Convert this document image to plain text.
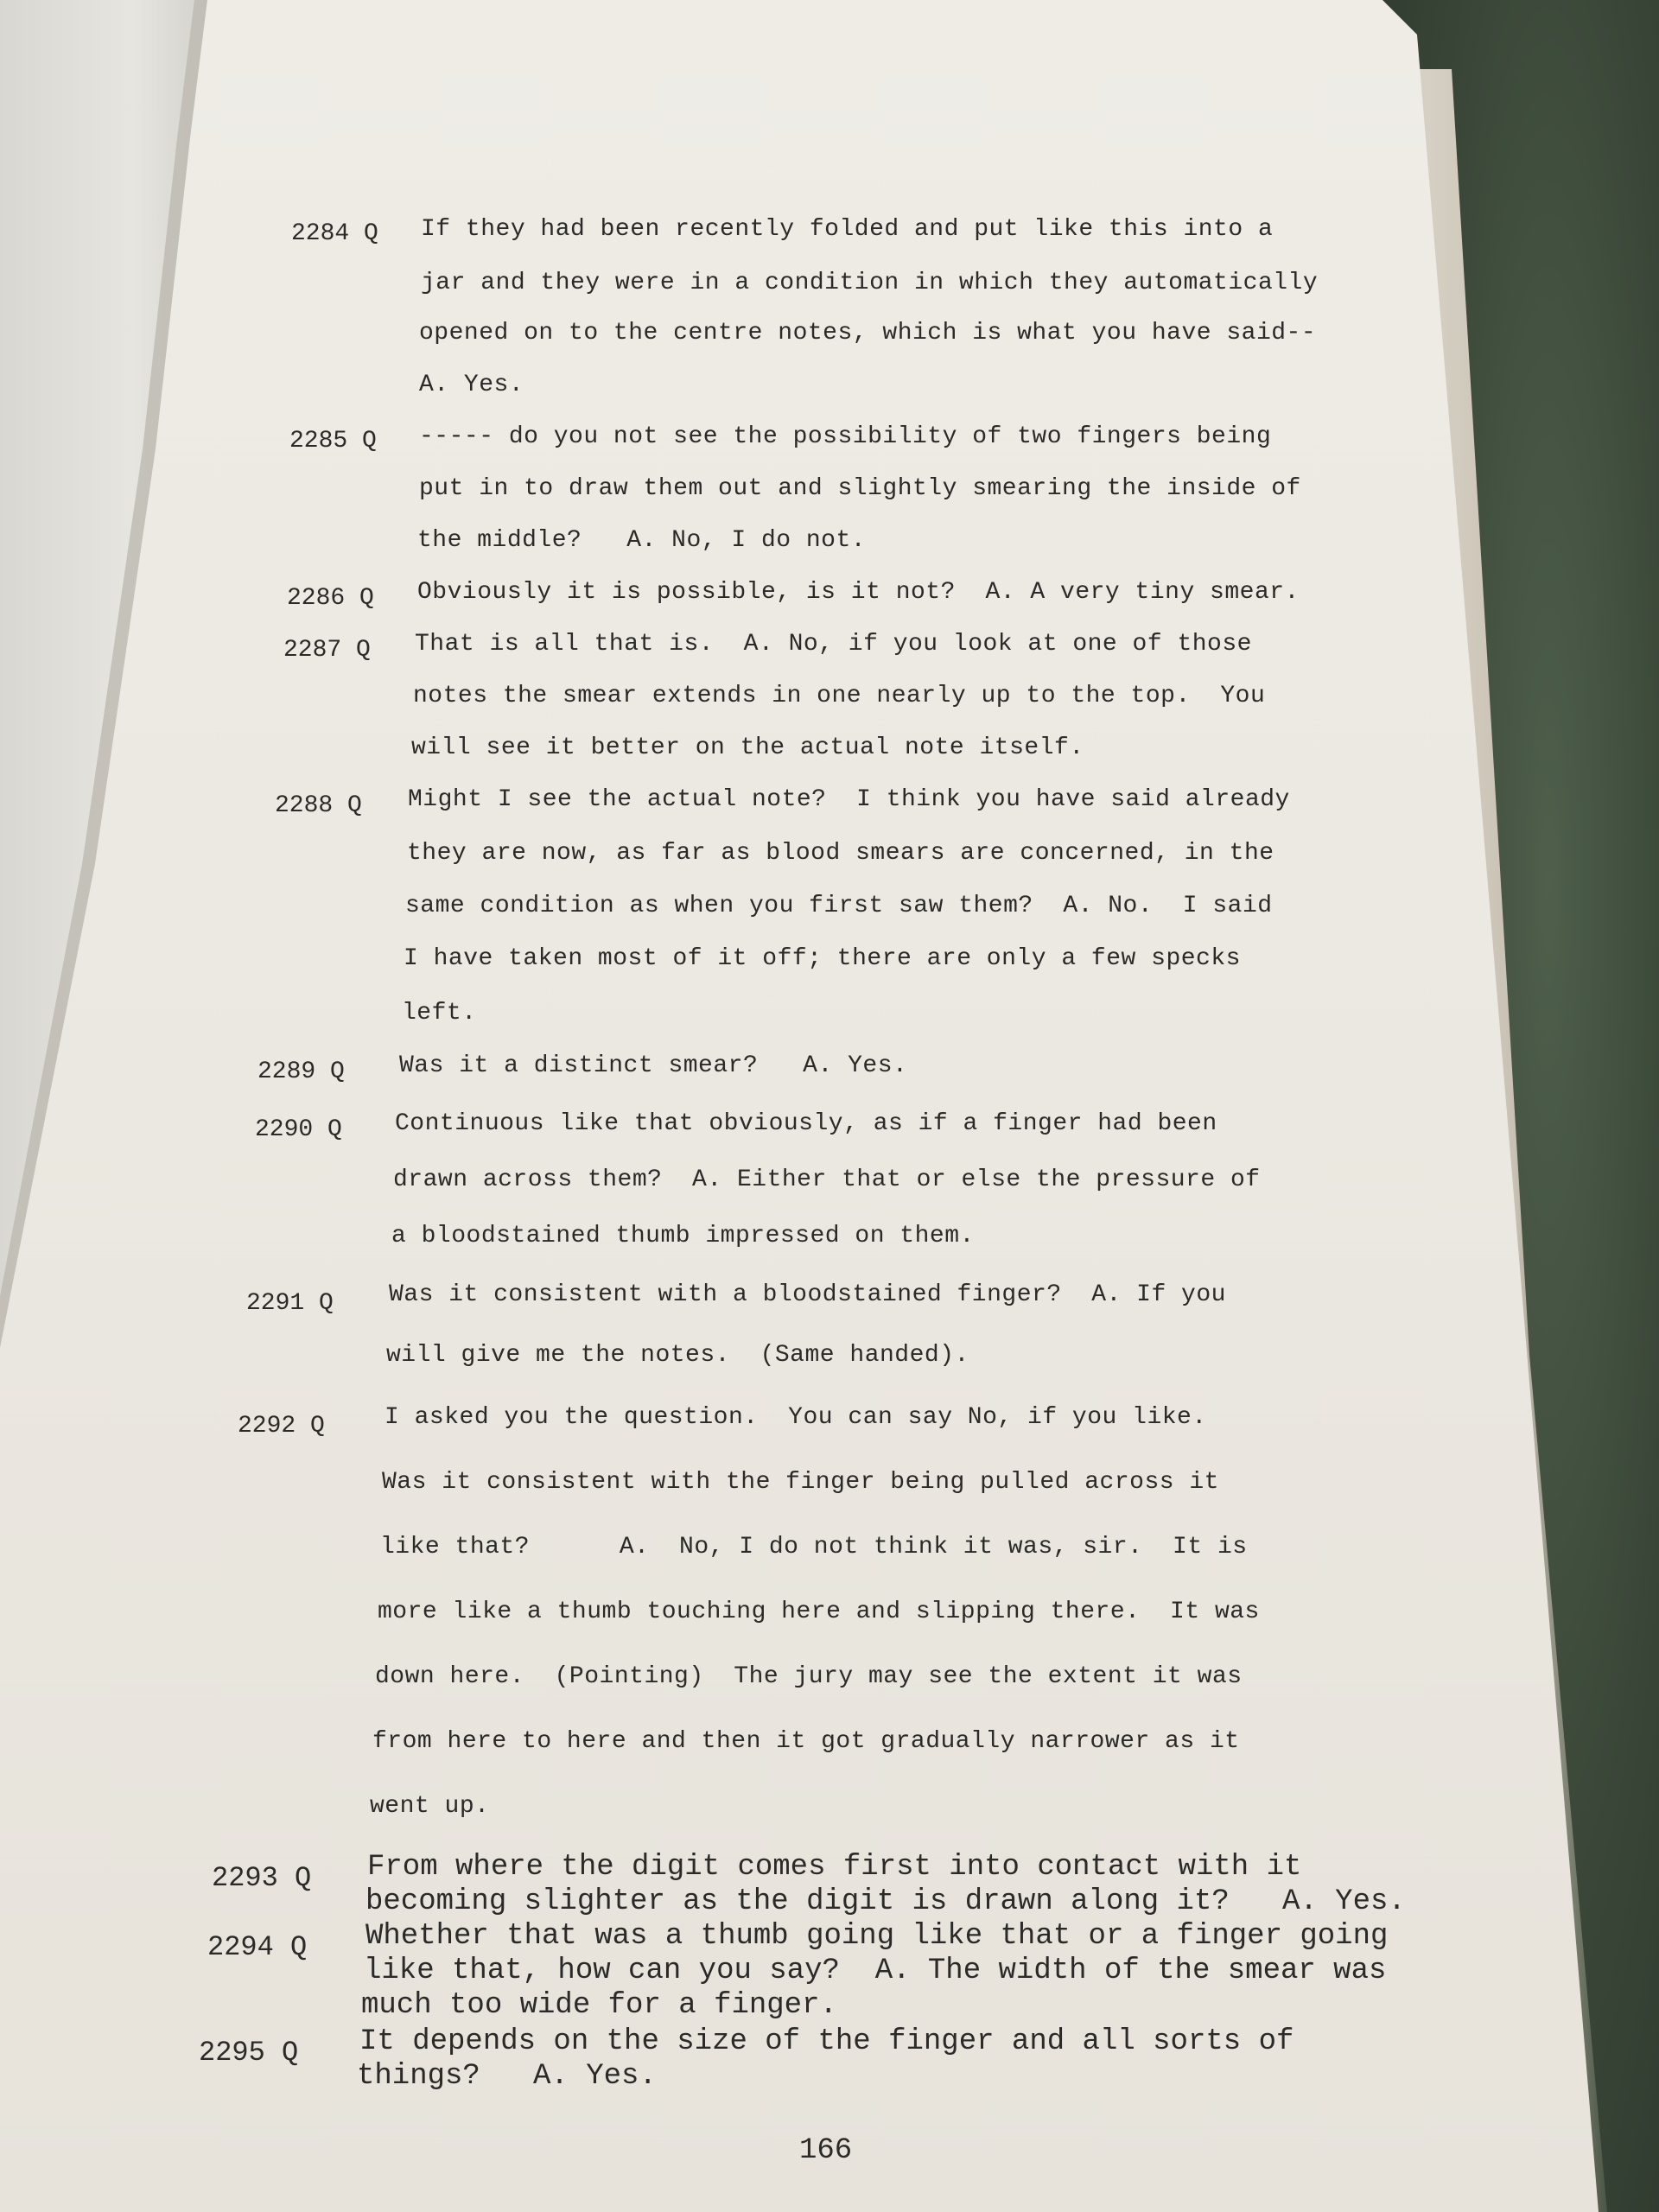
2284 Q If they had been recently folded and put like this into a
jar and they were in a condition in which they automatically
opened on to the centre notes, which is what you have said--
A. Yes.
2285 Q ----- do you not see the possibility of two fingers being
put in to draw them out and slightly smearing the inside of
the middle?   A. No, I do not.
2286 Q Obviously it is possible, is it not?  A. A very tiny smear.
2287 Q That is all that is.  A. No, if you look at one of those
notes the smear extends in one nearly up to the top.  You
will see it better on the actual note itself.
2288 Q Might I see the actual note?  I think you have said already
they are now, as far as blood smears are concerned, in the
same condition as when you first saw them?  A. No.  I said
I have taken most of it off; there are only a few specks
left.
2289 Q Was it a distinct smear?   A. Yes.
2290 Q Continuous like that obviously, as if a finger had been
drawn across them?  A. Either that or else the pressure of
a bloodstained thumb impressed on them.
2291 Q Was it consistent with a bloodstained finger?  A. If you
will give me the notes.  (Same handed).
2292 Q I asked you the question.  You can say No, if you like.
Was it consistent with the finger being pulled across it
like that?      A.  No, I do not think it was, sir.  It is
more like a thumb touching here and slipping there.  It was
down here.  (Pointing)  The jury may see the extent it was
from here to here and then it got gradually narrower as it
went up.
2293 Q From where the digit comes first into contact with it
becoming slighter as the digit is drawn along it?   A. Yes.
2294 Q Whether that was a thumb going like that or a finger going
like that, how can you say?  A. The width of the smear was
much too wide for a finger.
2295 Q It depends on the size of the finger and all sorts of
things?   A. Yes.
166
